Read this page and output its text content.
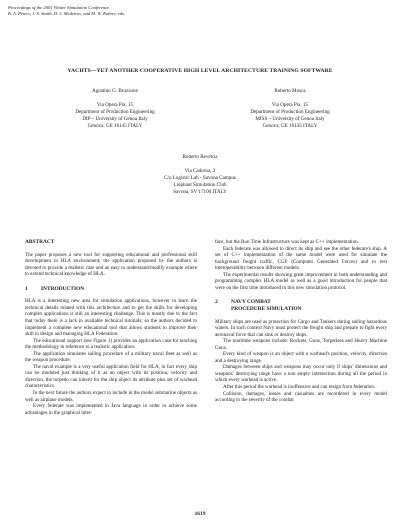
Proceedings of the 2001 Winter Simulation Conference
B. A. Peters, J. S. Smith, D. J. Medeiros, and M. W. Rohrer, eds.
YACHTS—YET ANOTHER COOPERATIVE HIGH LEVEL ARCHITECTURE TRAINING SOFTWARE
Agostino G. Bruzzone
Via Opera Pia, 15
Department of Production Engineering
DIP – University of Genoa Italy
Genova, GE 16145 ITALY
Roberto Mosca
Via Opera Pia, 15
Department of Production Engineering
MISS – University of Genoa Italy
Genova, GE 16145 ITALY
Roberto Revetria
Via Cadorna, 2
C/o Logistic Lab - Savona Campus
Liophant Simulation Club
Savona, SV 17100 ITALY
ABSTRACT

The paper proposes a new tool for supporting educational and professional skill development in HLA environment; the application proposed by the authors is devoted to provide a realistic case and an easy to understand/modify example where to extend technical knowledge of HLA.

1 INTRODUCTION

HLA is a interesting new area for simulation applications, however to learn the technical details related with this architecture and to get the skills for developing complex applications is still an interesting challenge. This is mostly due to the fact that today there is a lack in available technical tutorials; so the authors decided to implement a complete new educational tool that allows students to improve their skill in design and managing HLA Federation.

The educational support (see Figure 1) provides an application case for teaching the methodology in reference to a realistic application.

The application simulates sailing procedure of a military naval fleet as well as the weapon procedure.

The naval example is a very useful application field for HLA, in fact every ship can be modeled just thinking of it as an object with its position, velocity and direction, the torpedo can inherit for the ship object its attribute plus set of warhead characteristics.

In the next future the authors expect to include in the model submarine objects as well as airplane models.

Every federate was implemented in Java language in order to achieve some advantages in the graphical inter-

face, but the Run Time Infrastructure was kept as C++ implementation.

Each federate was allowed to direct its ship and see the other federate's ship. A set of C++ implementation of the same model were used for simulate the background freight traffic, CGF (Computer Generated Forces) and to test interoperability between different models.

The experimental results showing great improvement in both understanding and programming complex HLA model as well as a good introduction for people that were on the first time introduced to this new simulation protocol.

2 NAVY COMBAT
PROCEDURE SIMULATION

Military ships are used as protection for Cargo and Tankers during sailing hazardous waters. In such context Navy must protect the freight ship and prepare to fight every aeronaval force that can sink or destroy ships.

The maritime weapons include: Rockets, Guns, Torpedoes and Heavy Machine Guns.

Every kind of weapon is an object with a warhead's position, velocity, direction and a destroying range.

Damages between ships and weapons may occur only if ships' dimensions and weapons' destroying range have a non empty intersection during all the period in which every warhead is active.

After this period the warhead is inoffensive and can resign from federation.

Collision, damages, losses and casualties are recordered in every model according to the severity of the combat

1619
